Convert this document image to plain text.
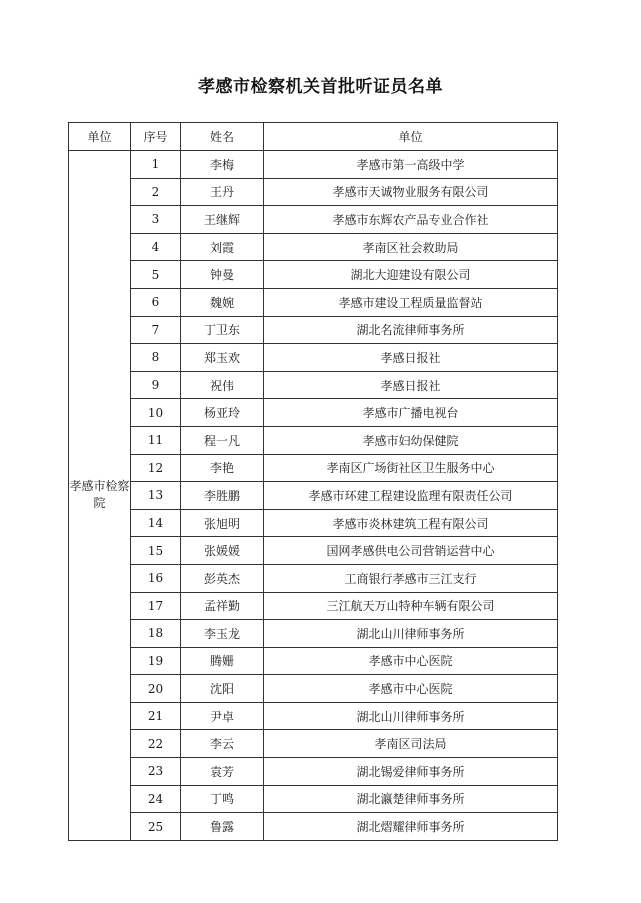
孝感市检察机关首批听证员名单
单位	序号	姓名	单位
孝感市检察院	1	李梅	孝感市第一高级中学
	2	王丹	孝感市天诚物业服务有限公司
	3	王继辉	孝感市东辉农产品专业合作社
	4	刘霞	孝南区社会救助局
	5	钟曼	湖北大迎建设有限公司
	6	魏婉	孝感市建设工程质量监督站
	7	丁卫东	湖北名流律师事务所
	8	郑玉欢	孝感日报社
	9	祝伟	孝感日报社
	10	杨亚玲	孝感市广播电视台
	11	程一凡	孝感市妇幼保健院
	12	李艳	孝南区广场街社区卫生服务中心
	13	李胜鹏	孝感市环建工程建设监理有限责任公司
	14	张旭明	孝感市炎林建筑工程有限公司
	15	张媛媛	国网孝感供电公司营销运营中心
	16	彭英杰	工商银行孝感市三江支行
	17	孟祥勤	三江航天万山特种车辆有限公司
	18	李玉龙	湖北山川律师事务所
	19	腾姗	孝感市中心医院
	20	沈阳	孝感市中心医院
	21	尹卓	湖北山川律师事务所
	22	李云	孝南区司法局
	23	袁芳	湖北锡爱律师事务所
	24	丁鸣	湖北瀛楚律师事务所
	25	鲁露	湖北熠耀律师事务所
